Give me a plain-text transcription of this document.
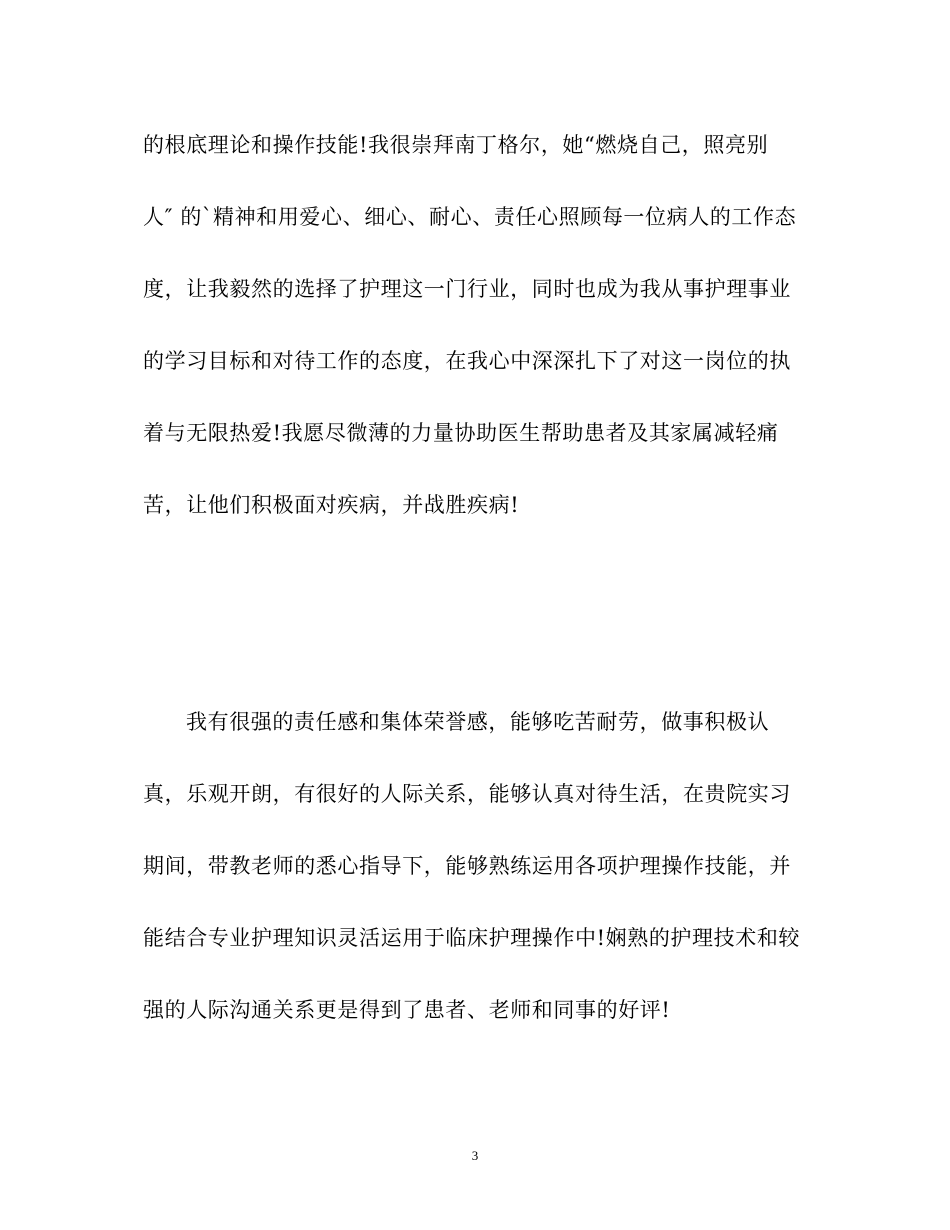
的根底理论和操作技能!我很崇拜南丁格尔，她“燃烧自己，照亮别
人″ 的`精神和用爱心、细心、耐心、责任心照顾每一位病人的工作态
度，让我毅然的选择了护理这一门行业，同时也成为我从事护理事业
的学习目标和对待工作的态度，在我心中深深扎下了对这一岗位的执
着与无限热爱!我愿尽微薄的力量协助医生帮助患者及其家属减轻痛
苦，让他们积极面对疾病，并战胜疾病!
我有很强的责任感和集体荣誉感，能够吃苦耐劳，做事积极认
真，乐观开朗，有很好的人际关系，能够认真对待生活，在贵院实习
期间，带教老师的悉心指导下，能够熟练运用各项护理操作技能，并
能结合专业护理知识灵活运用于临床护理操作中!娴熟的护理技术和较
强的人际沟通关系更是得到了患者、老师和同事的好评!
3
